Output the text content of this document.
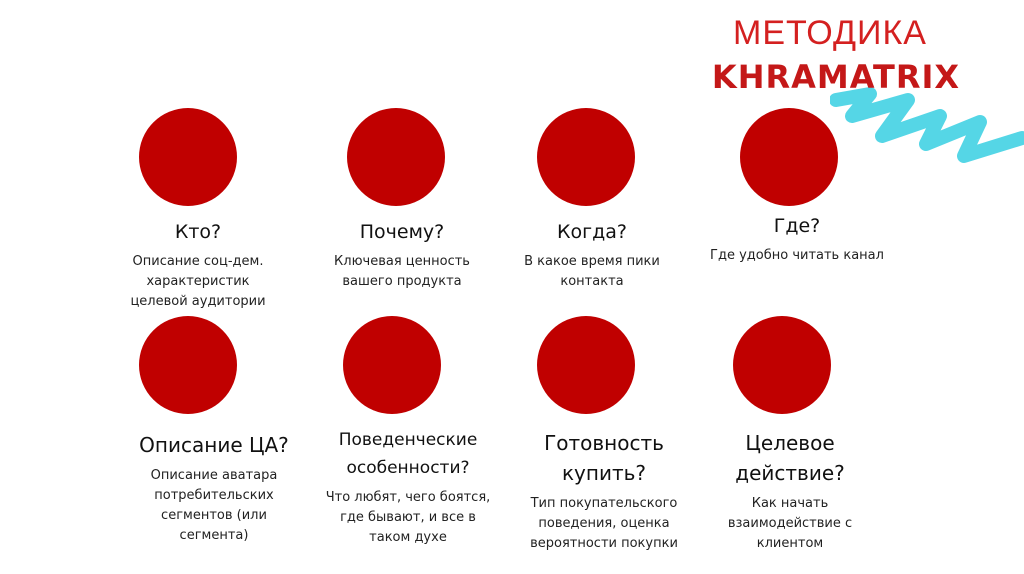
МЕТОДИКА
KHRAMATRIX
Кто?
Описание соц-дем. характеристик целевой аудитории
Почему?
Ключевая ценность вашего продукта
Когда?
В какое время пики контакта
Где?
Где удобно читать канал
Описание ЦА?
Описание аватара потребительских сегментов (или сегмента)
Поведенческие особенности?
Что любят, чего боятся, где бывают, и все в таком духе
Готовность купить?
Тип покупательского поведения, оценка вероятности покупки
Целевое действие?
Как начать взаимодействие с клиентом
